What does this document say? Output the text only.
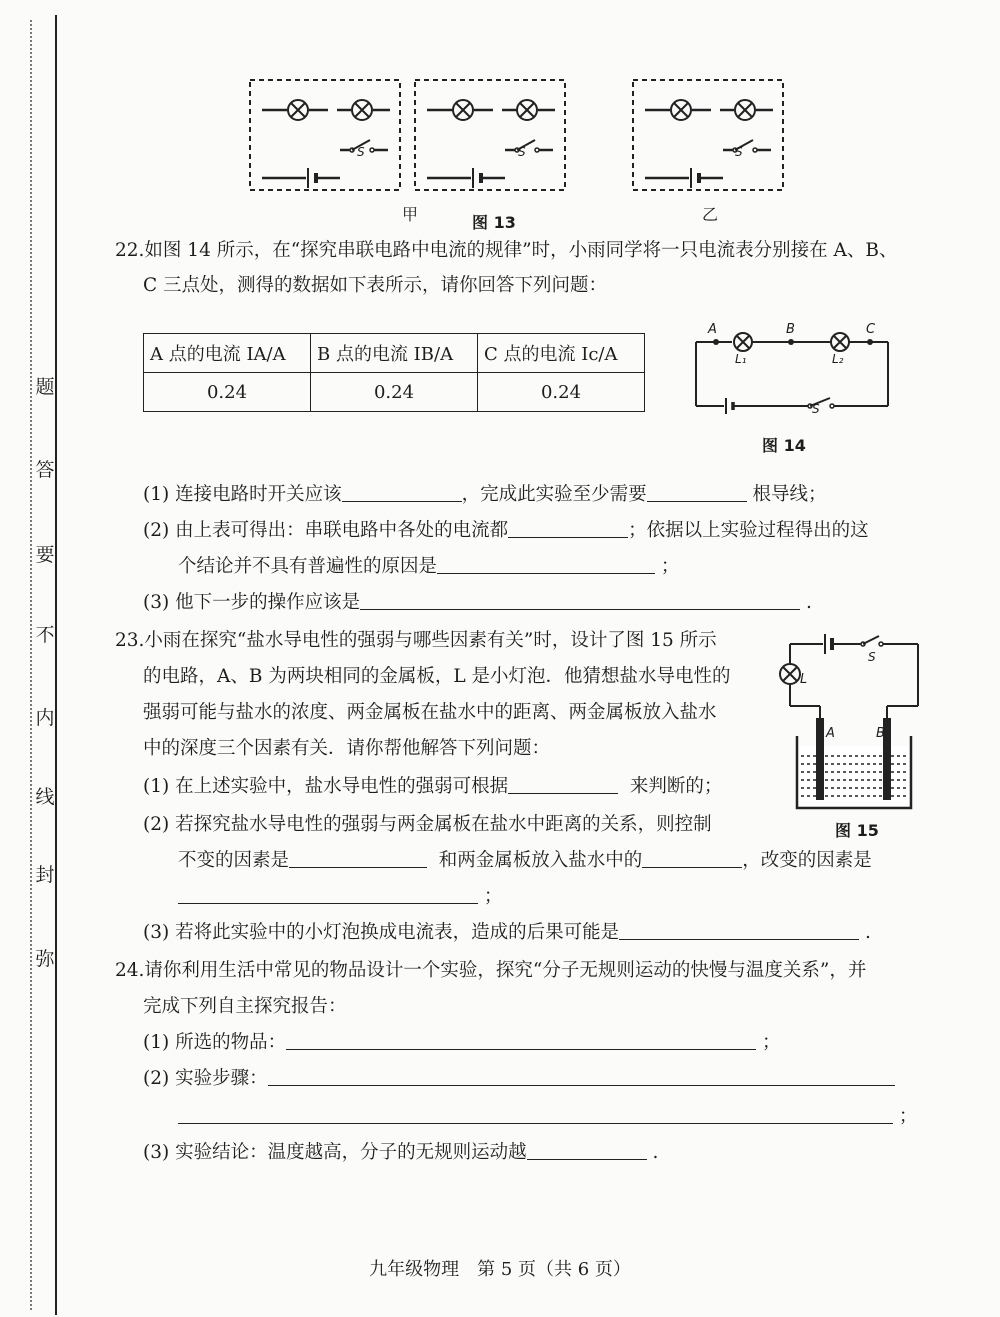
弥
封
线
内
不
要
答
题
S	S	S
甲	图 13	乙
22.如图 14 所示，在“探究串联电路中电流的规律”时，小雨同学将一只电流表分别接在 A、B、
C 三点处，测得的数据如下表所示，请你回答下列问题：
A 点的电流 IA/A	B 点的电流 IB/A	C 点的电流 Ic/A
0.24	0.24	0.24
A	B	C
L₁	L₂
S
图 14
(1) 连接电路时开关应该	，完成此实验至少需要	根导线；
(2) 由上表可得出：串联电路中各处的电流都	；依据以上实验过程得出的这
个结论并不具有普遍性的原因是	；
(3) 他下一步的操作应该是	.
23.小雨在探究“盐水导电性的强弱与哪些因素有关”时，设计了图 15 所示
的电路，A、B 为两块相同的金属板，L 是小灯泡．他猜想盐水导电性的
强弱可能与盐水的浓度、两金属板在盐水中的距离、两金属板放入盐水
中的深度三个因素有关．请你帮他解答下列问题：
(1) 在上述实验中，盐水导电性的强弱可根据	来判断的；
(2) 若探究盐水导电性的强弱与两金属板在盐水中距离的关系，则控制
不变的因素是	和两金属板放入盐水中的	，改变的因素是
；
(3) 若将此实验中的小灯泡换成电流表，造成的后果可能是	.
L
S
A	B
图 15
24.请你利用生活中常见的物品设计一个实验，探究“分子无规则运动的快慢与温度关系”，并
完成下列自主探究报告：
(1) 所选的物品：	；
(2) 实验步骤：
；
(3) 实验结论：温度越高，分子的无规则运动越	.
九年级物理　第 5 页（共 6 页）
